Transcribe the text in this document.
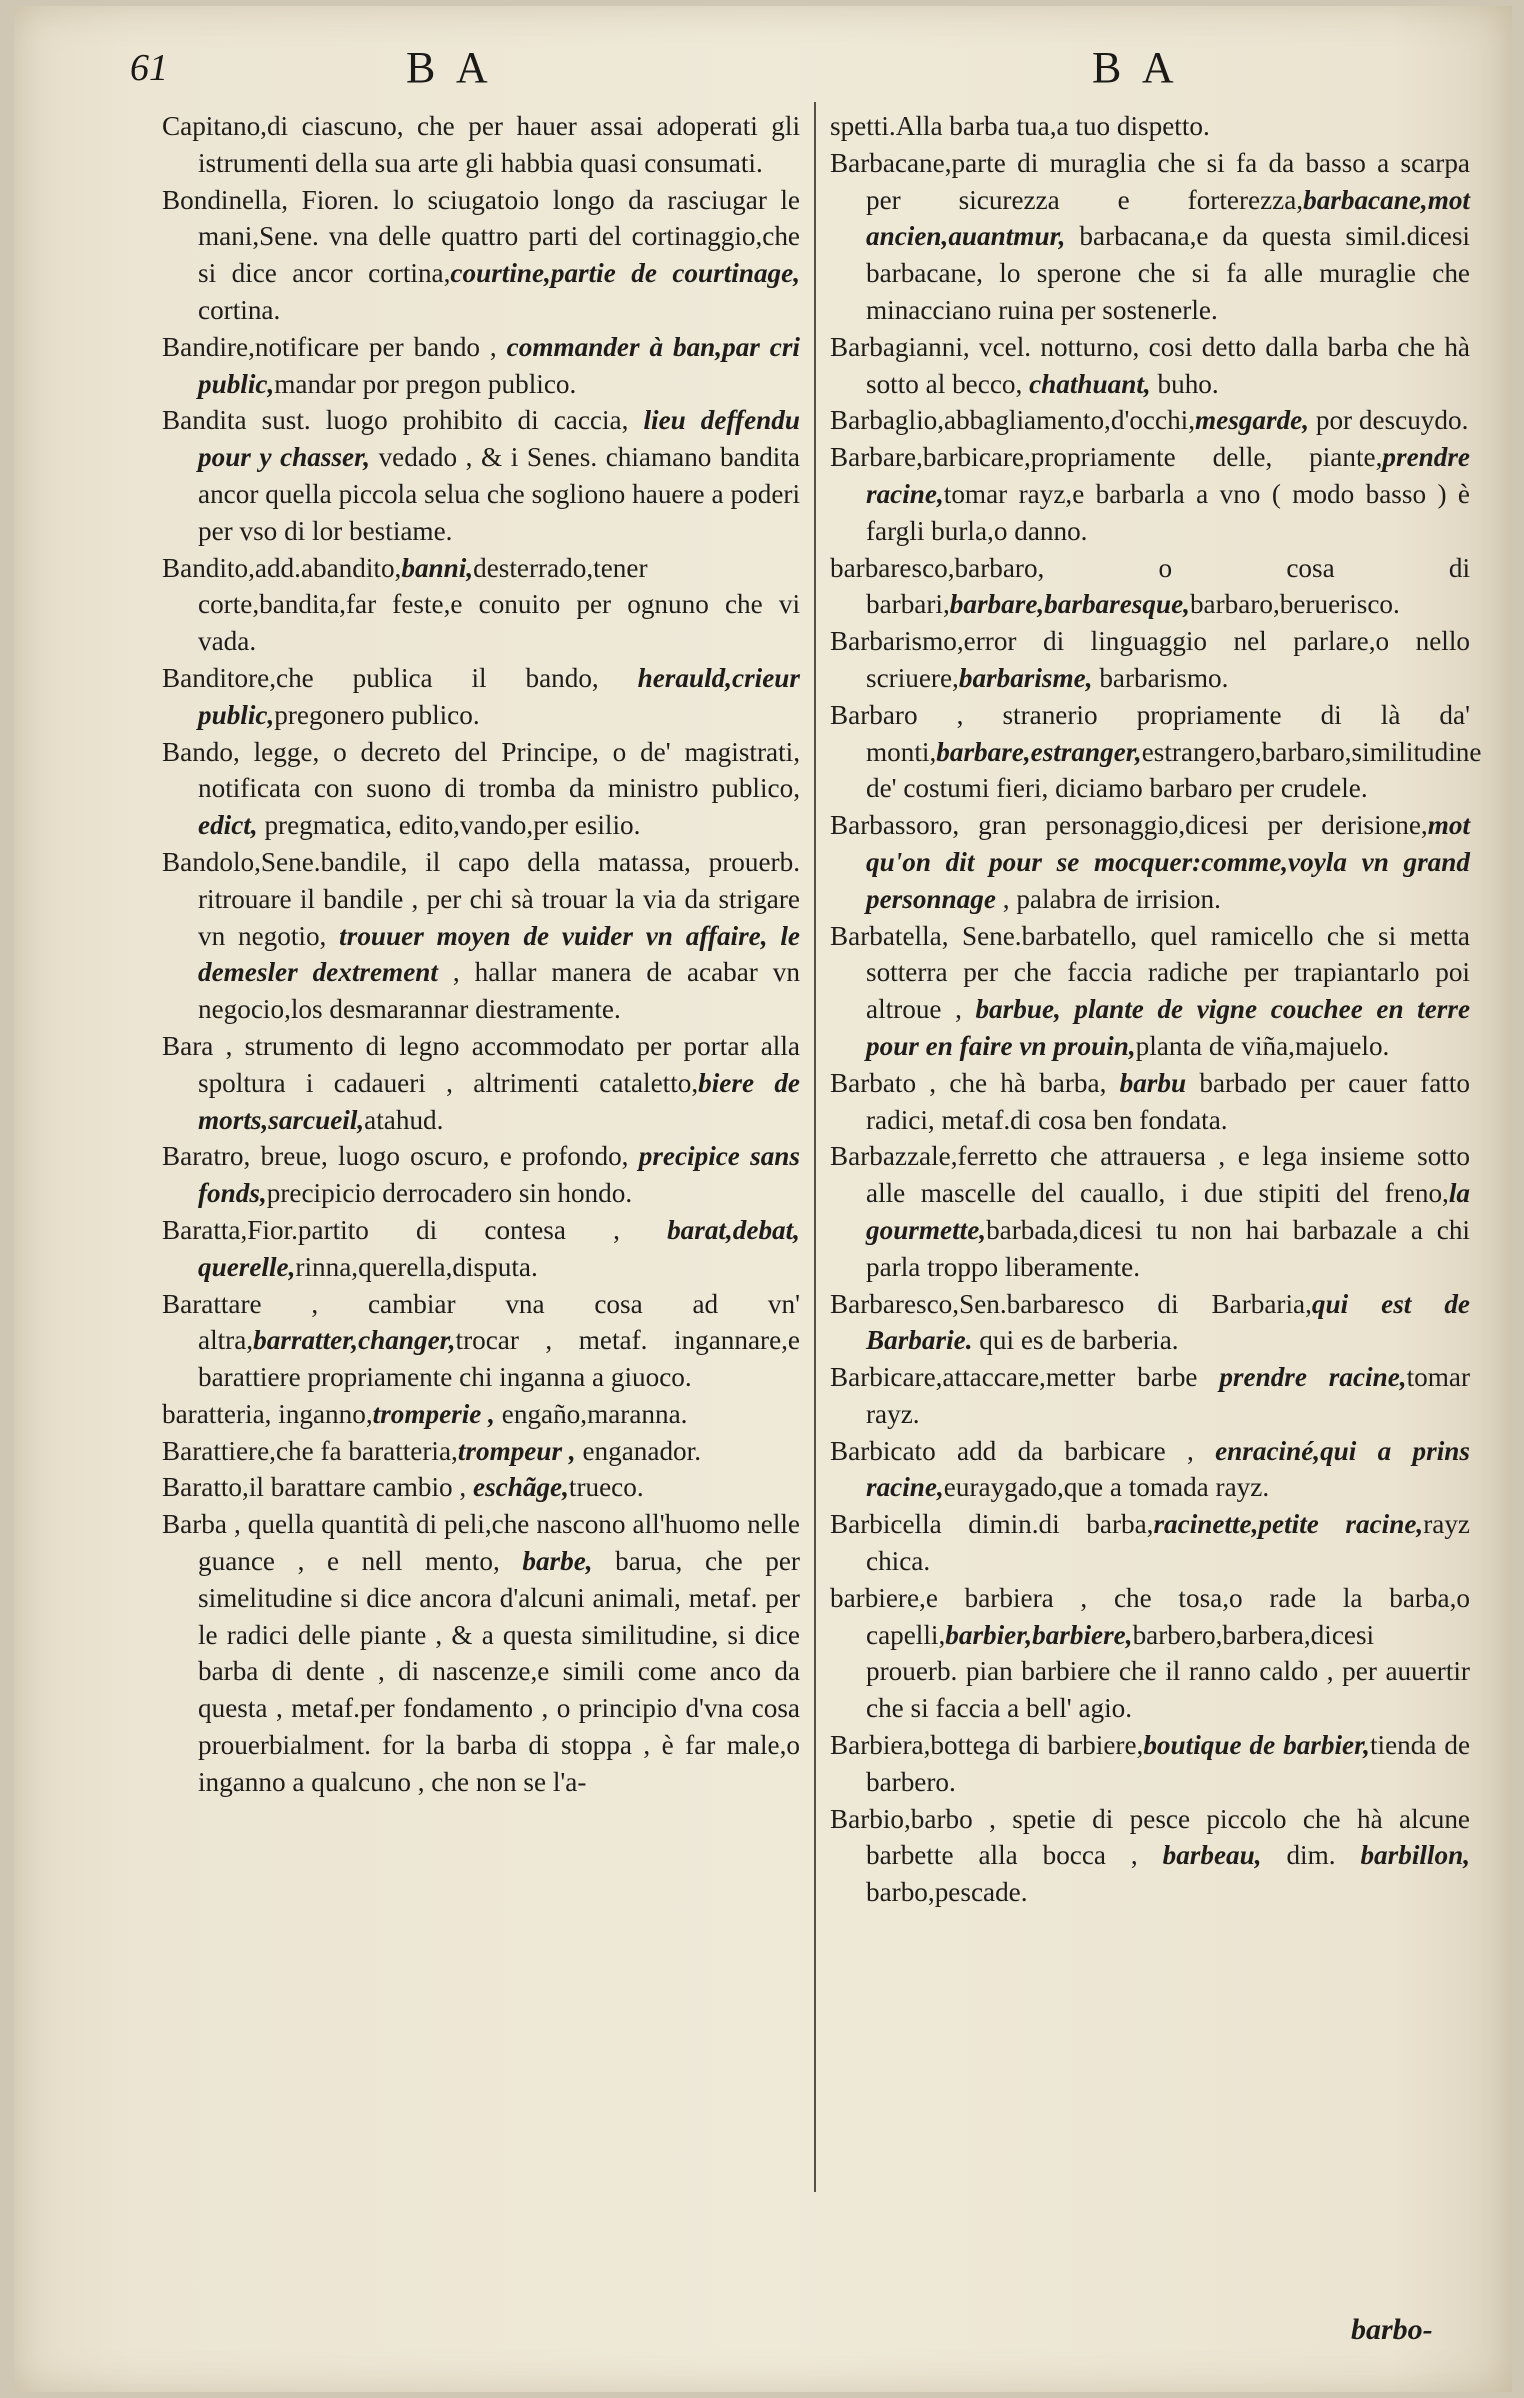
61	B A	B A

Capitano,di ciascuno, che per hauer assai adoperati gli istrumenti della sua arte gli habbia quasi consumati.

Bondinella, Fioren. lo sciugatoio longo da rasciugar le mani,Sene. vna delle quattro parti del cortinaggio,che si dice ancor cortina,courtine,partie de courtinage, cortina.

Bandire,notificare per bando , commander à ban,par cri public,mandar por pregon publico.

Bandita sust. luogo prohibito di caccia, lieu deffendu pour y chasser, vedado , & i Senes. chiamano bandita ancor quella piccola selua che sogliono hauere a poderi per vso di lor bestiame.

Bandito,add.abandito,banni,desterrado,tener corte,bandita,far feste,e conuito per ognuno che vi vada.

Banditore,che publica il bando, herauld,crieur public,pregonero publico.

Bando, legge, o decreto del Principe, o de' magistrati, notificata con suono di tromba da ministro publico, edict, pregmatica, edito,vando,per esilio.

Bandolo,Sene.bandile, il capo della matassa, prouerb. ritrouare il bandile , per chi sà trouar la via da strigare vn negotio, trouuer moyen de vuider vn affaire, le demesler dextrement , hallar manera de acabar vn negocio,los desmarannar diestramente.

Bara , strumento di legno accommodato per portar alla spoltura i cadaueri , altrimenti cataletto,biere de morts,sarcueil,atahud.

Baratro, breue, luogo oscuro, e profondo, precipice sans fonds,precipicio derrocadero sin hondo.

Baratta,Fior.partito di contesa , barat,debat, querelle,rinna,querella,disputa.

Barattare , cambiar vna cosa ad vn' altra,barratter,changer,trocar , metaf. ingannare,e barattiere propriamente chi inganna a giuoco.

baratteria, inganno,tromperie , engaño,maranna.

Barattiere,che fa baratteria,trompeur , enganador.

Baratto,il barattare cambio , eschãge,trueco.

Barba , quella quantità di peli,che nascono all'huomo nelle guance , e nell mento, barbe, barua, che per simelitudine si dice ancora d'alcuni animali, metaf. per le radici delle piante , & a questa similitudine, si dice barba di dente , di nascenze,e simili come anco da questa , metaf.per fondamento , o principio d'vna cosa prouerbialment. for la barba di stoppa , è far male,o inganno a qualcuno , che non se l'a-

spetti.Alla barba tua,a tuo dispetto.

Barbacane,parte di muraglia che si fa da basso a scarpa per sicurezza e forterezza,barbacane,mot ancien,auantmur, barbacana,e da questa simil.dicesi barbacane, lo sperone che si fa alle muraglie che minacciano ruina per sostenerle.

Barbagianni, vcel. notturno, cosi detto dalla barba che hà sotto al becco, chathuant, buho.

Barbaglio,abbagliamento,d'occhi,mesgarde, por descuydo.

Barbare,barbicare,propriamente delle, piante,prendre racine,tomar rayz,e barbarla a vno ( modo basso ) è fargli burla,o danno.

barbaresco,barbaro, o cosa di barbari,barbare,barbaresque,barbaro,beruerisco.

Barbarismo,error di linguaggio nel parlare,o nello scriuere,barbarisme, barbarismo.

Barbaro , stranerio propriamente di là da' monti,barbare,estranger,estrangero,barbaro,similitudine de' costumi fieri, diciamo barbaro per crudele.

Barbassoro, gran personaggio,dicesi per derisione,mot qu'on dit pour se mocquer:comme,voyla vn grand personnage , palabra de irrision.

Barbatella, Sene.barbatello, quel ramicello che si metta sotterra per che faccia radiche per trapiantarlo poi altroue , barbue, plante de vigne couchee en terre pour en faire vn prouin,planta de viña,majuelo.

Barbato , che hà barba, barbu barbado per cauer fatto radici, metaf.di cosa ben fondata.

Barbazzale,ferretto che attrauersa , e lega insieme sotto alle mascelle del cauallo, i due stipiti del freno,la gourmette,barbada,dicesi tu non hai barbazale a chi parla troppo liberamente.

Barbaresco,Sen.barbaresco di Barbaria,qui est de Barbarie. qui es de barberia.

Barbicare,attaccare,metter barbe prendre racine,tomar rayz.

Barbicato add da barbicare , enraciné,qui a prins racine,euraygado,que a tomada rayz.

Barbicella dimin.di barba,racinette,petite racine,rayz chica.

barbiere,e barbiera , che tosa,o rade la barba,o capelli,barbier,barbiere,barbero,barbera,dicesi prouerb. pian barbiere che il ranno caldo , per auuertir che si faccia a bell' agio.

Barbiera,bottega di barbiere,boutique de barbier,tienda de barbero.

Barbio,barbo , spetie di pesce piccolo che hà alcune barbette alla bocca , barbeau, dim. barbillon, barbo,pescade.

barbo-
